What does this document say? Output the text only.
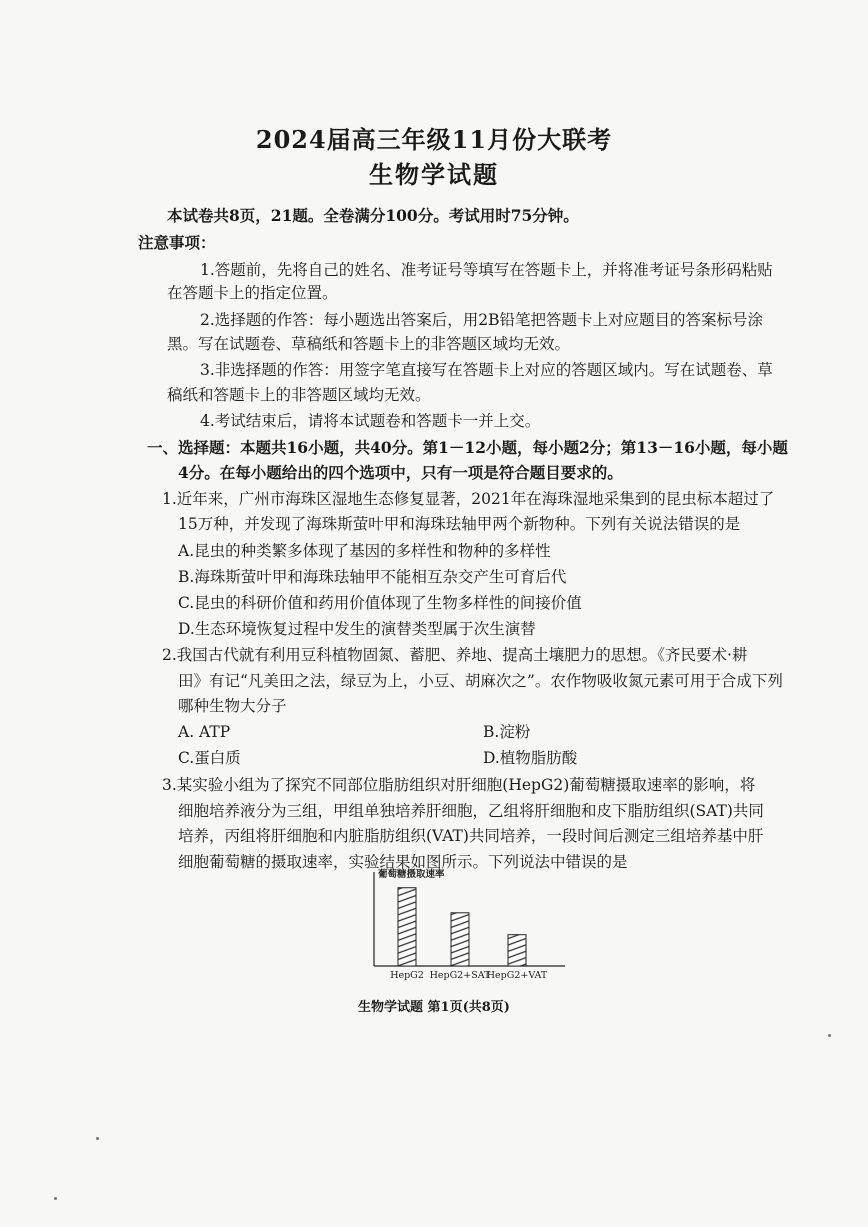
2024届高三年级11月份大联考
生物学试题
本试卷共8页，21题。全卷满分100分。考试用时75分钟。
注意事项：
1.答题前，先将自己的姓名、准考证号等填写在答题卡上，并将准考证号条形码粘贴
在答题卡上的指定位置。
2.选择题的作答：每小题选出答案后，用2B铅笔把答题卡上对应题目的答案标号涂
黑。写在试题卷、草稿纸和答题卡上的非答题区域均无效。
3.非选择题的作答：用签字笔直接写在答题卡上对应的答题区域内。写在试题卷、草
稿纸和答题卡上的非答题区域均无效。
4.考试结束后，请将本试题卷和答题卡一并上交。
一、选择题：本题共16小题，共40分。第1－12小题，每小题2分；第13－16小题，每小题
4分。在每小题给出的四个选项中，只有一项是符合题目要求的。
1.近年来，广州市海珠区湿地生态修复显著，2021年在海珠湿地采集到的昆虫标本超过了
15万种，并发现了海珠斯萤叶甲和海珠珐轴甲两个新物种。下列有关说法错误的是
A.昆虫的种类繁多体现了基因的多样性和物种的多样性
B.海珠斯萤叶甲和海珠珐轴甲不能相互杂交产生可育后代
C.昆虫的科研价值和药用价值体现了生物多样性的间接价值
D.生态环境恢复过程中发生的演替类型属于次生演替
2.我国古代就有利用豆科植物固氮、蓄肥、养地、提高土壤肥力的思想。《齐民要术·耕
田》有记“凡美田之法，绿豆为上，小豆、胡麻次之”。农作物吸收氮元素可用于合成下列
哪种生物大分子
A. ATP	B.淀粉
C.蛋白质	D.植物脂肪酸
3.某实验小组为了探究不同部位脂肪组织对肝细胞(HepG2)葡萄糖摄取速率的影响，将
细胞培养液分为三组，甲组单独培养肝细胞，乙组将肝细胞和皮下脂肪组织(SAT)共同
培养，丙组将肝细胞和内脏脂肪组织(VAT)共同培养，一段时间后测定三组培养基中肝
细胞葡萄糖的摄取速率，实验结果如图所示。下列说法中错误的是
葡萄糖摄取速率
HepG2 HepG2+SAT
HepG2+VAT
生物学试题 第1页(共8页)
